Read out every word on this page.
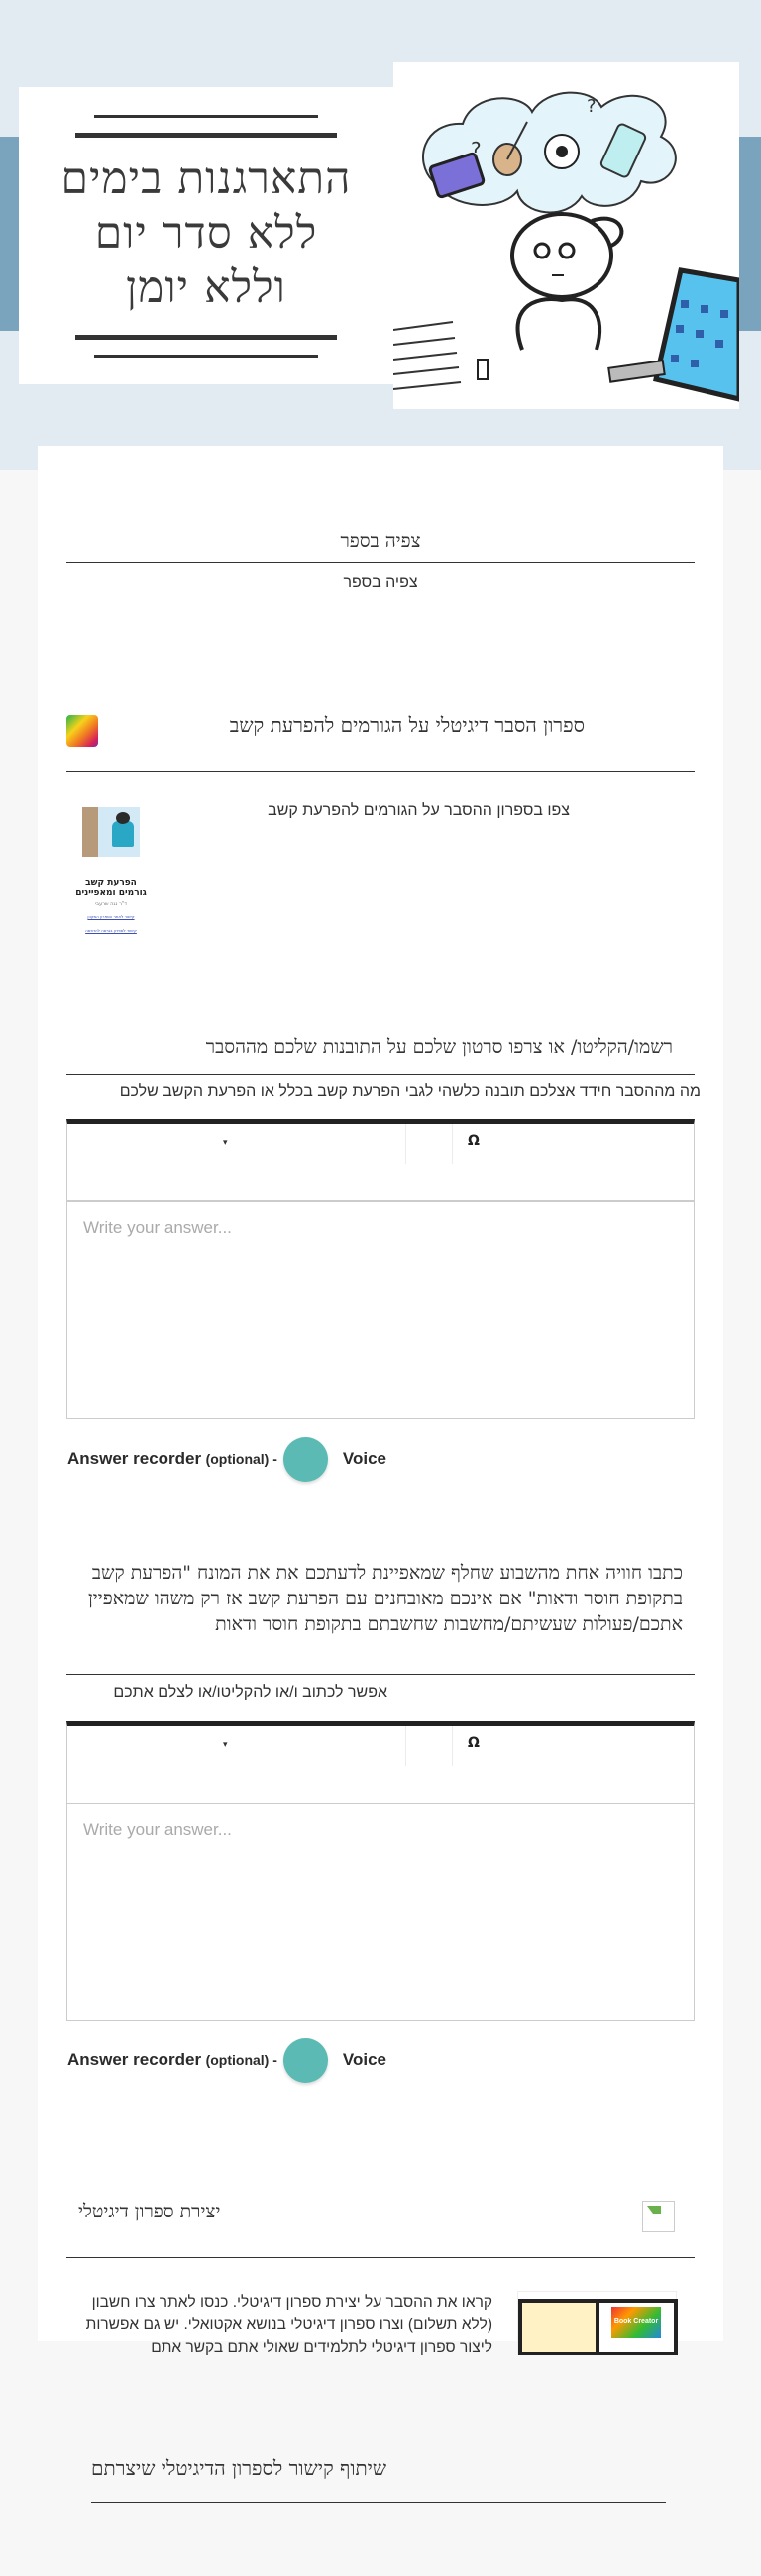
התארגנות בימים
ללא סדר יום
וללא יומן
?
?
צפיה בספר
צפיה בספר
ספרון הסבר דיגיטלי על הגורמים להפרעת קשב
הפרעת קשב
גורמים ומאפיינים
ד"ר נגה שרעבי
קישור לאתר הספרון המקוון
קישור לספרון בגרסה להדפסה
צפו בספרון ההסבר על הגורמים להפרעת קשב
רשמו/הקליטו/ או צרפו סרטון שלכם על התובנות שלכם מההסבר
מה מההסבר חידד אצלכם תובנה כלשהי לגבי הפרעת קשב בכלל או הפרעת הקשב שלכם
▾	Ω
Write your answer...
Answer recorder
(optional) -	Voice
כתבו חוויה אחת מהשבוע שחלף שמאפיינת לדעתכם את את המונח "הפרעת קשב בתקופת חוסר ודאות" אם אינכם מאובחנים עם הפרעת קשב אז רק משהו שמאפיין אתכם/פעולות שעשיתם/מחשבות שחשבתם בתקופת חוסר ודאות
אפשר לכתוב ו/או להקליטו/או לצלם אתכם
▾	Ω
Write your answer...
Answer recorder
(optional) -	Voice
יצירת ספרון דיגיטלי
קראו את ההסבר על יצירת ספרון דיגיטלי. כנסו לאתר צרו חשבון (ללא תשלום) וצרו ספרון דיגיטלי בנושא אקטואלי. יש גם אפשרות ליצור ספרון דיגיטלי לתלמידים שאולי אתם בקשר אתם
Book Creator
שיתוף קישור לספרון הדיגיטלי שיצרתם
